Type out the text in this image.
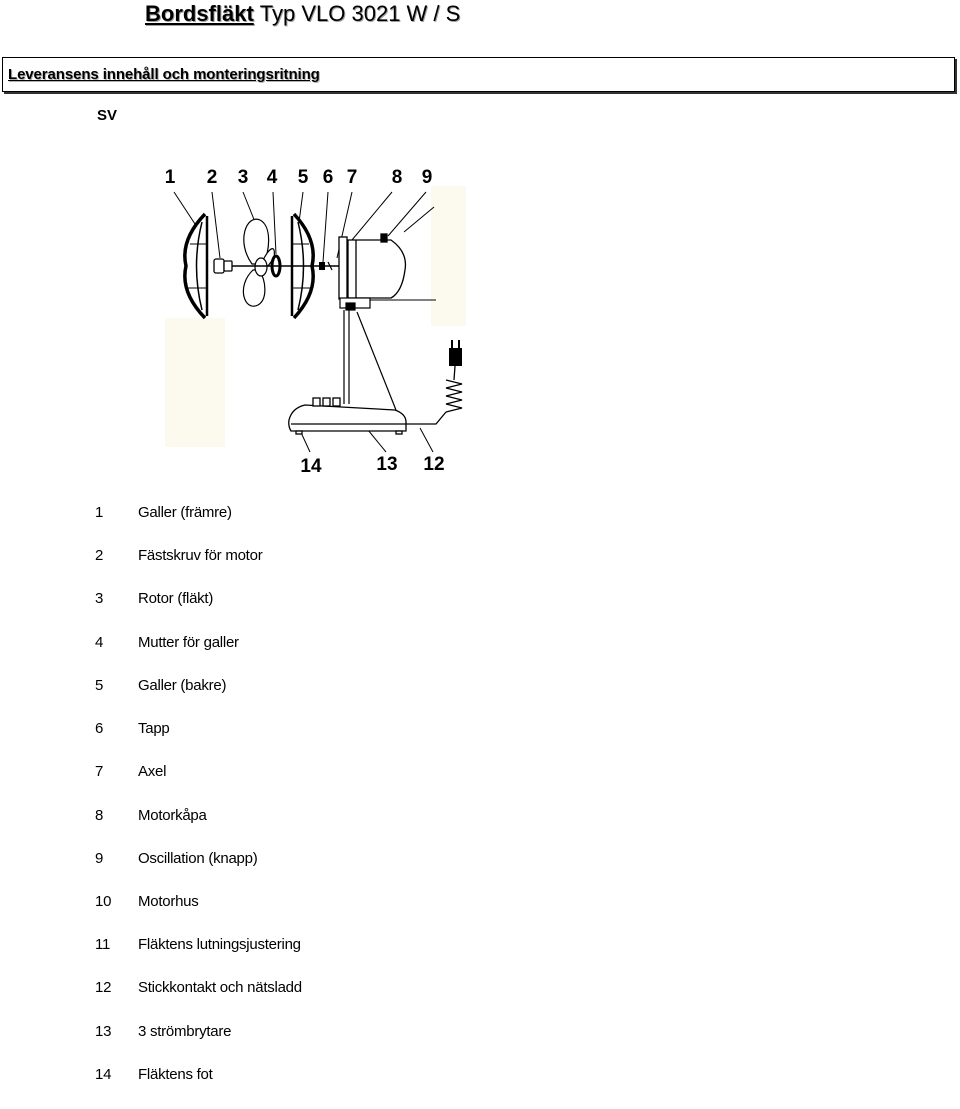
Bordsfläkt Typ VLO 3021 W / S
Leveransens innehåll och monteringsritning
SV
1 2 3 4 5 6 7 8 9
14	13 12
1 Galler (främre)
2 Fästskruv för motor
3 Rotor (fläkt)
4 Mutter för galler
5 Galler (bakre)
6 Tapp
7 Axel
8 Motorkåpa
9 Oscillation (knapp)
10 Motorhus
11 Fläktens lutningsjustering
12 Stickkontakt och nätsladd
13 3 strömbrytare
14 Fläktens fot
